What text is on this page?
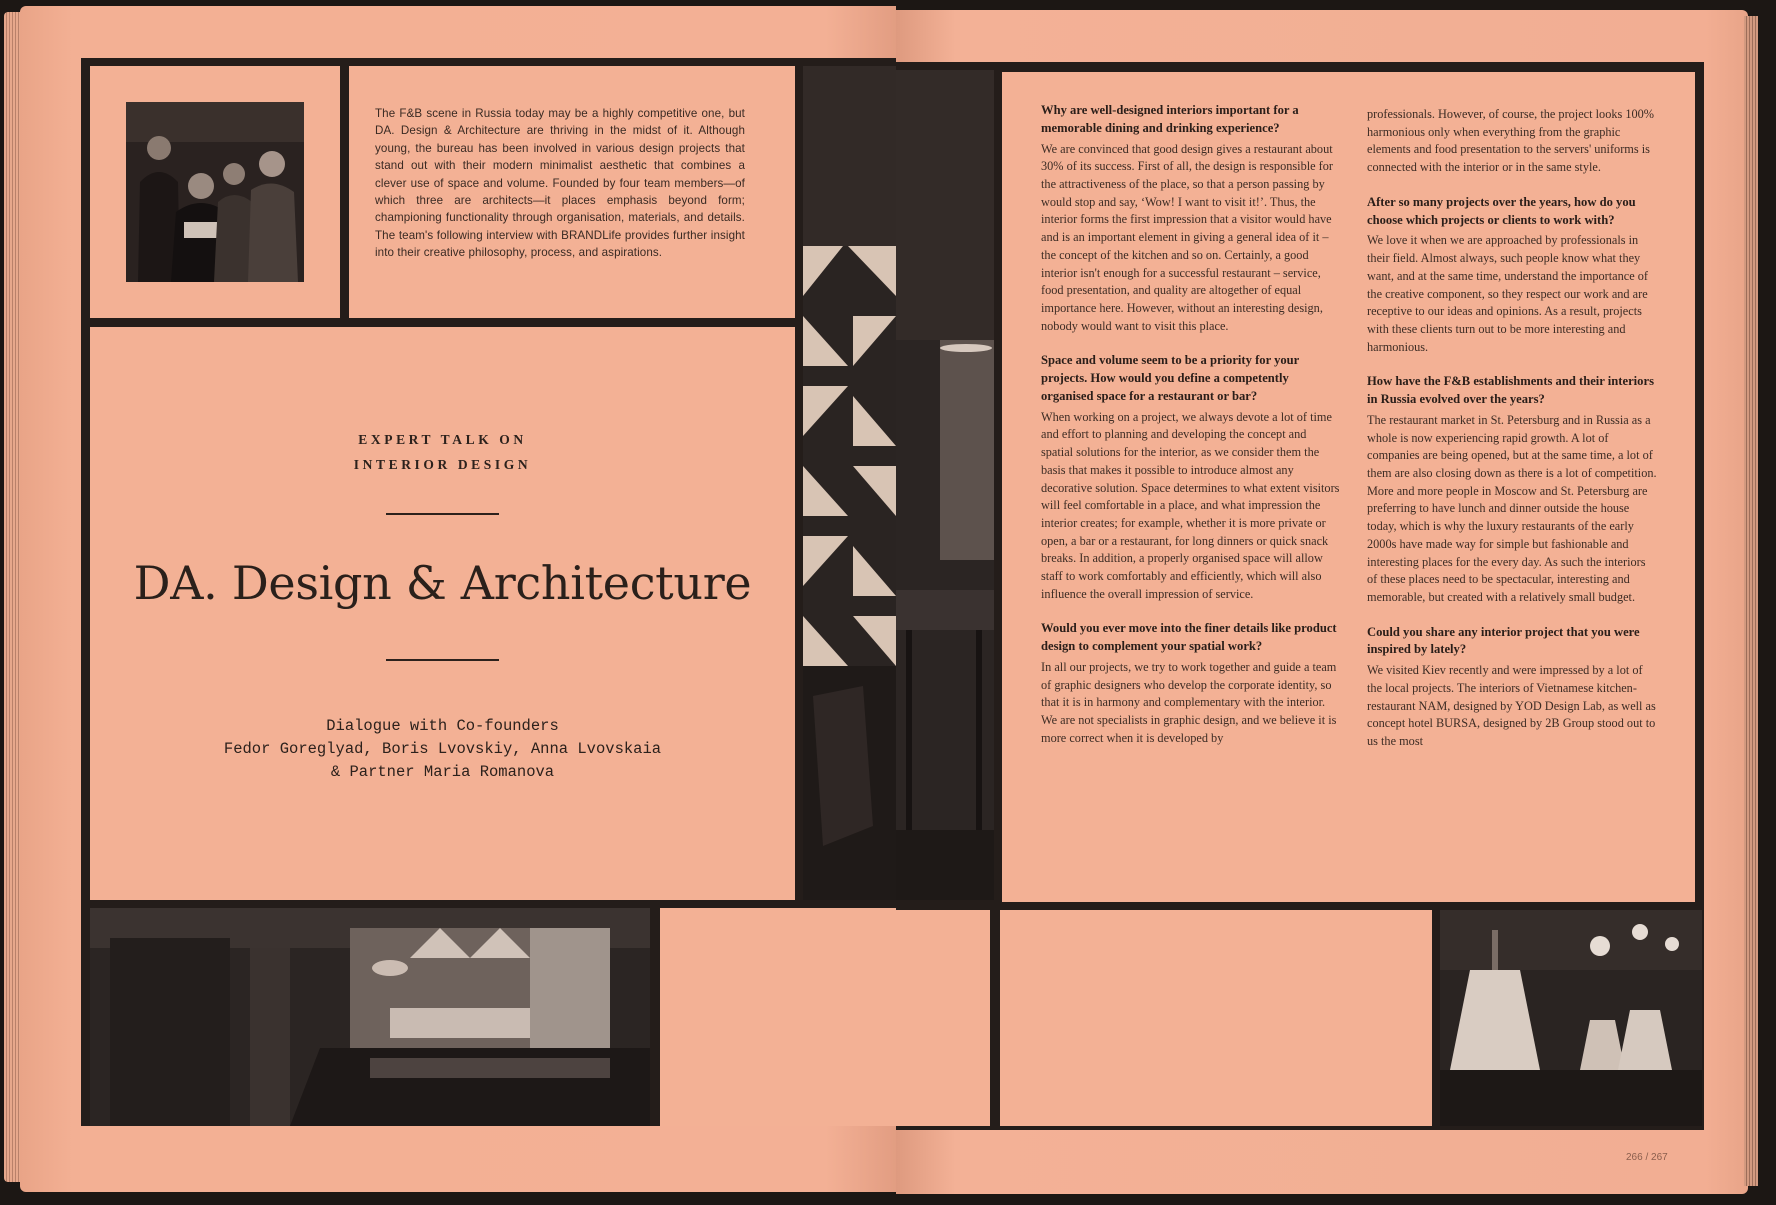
The F&B scene in Russia today may be a highly competitive one, but DA. Design & Architecture are thriving in the midst of it. Although young, the bureau has been involved in various design projects that stand out with their modern minimalist aesthetic that combines a clever use of space and volume. Founded by four team members—of which three are architects—it places emphasis beyond form; championing functionality through organisation, materials, and details. The team's following interview with BRANDLife provides further insight into their creative philosophy, process, and aspirations.
EXPERT TALK ON
INTERIOR DESIGN
DA. Design & Architecture
Dialogue with Co-founders
Fedor Goreglyad, Boris Lvovskiy, Anna Lvovskaia
& Partner Maria Romanova
Why are well-designed interiors important for a memorable dining and drinking experience?

We are convinced that good design gives a restaurant about 30% of its success. First of all, the design is responsible for the attractiveness of the place, so that a person passing by would stop and say, ‘Wow! I want to visit it!’. Thus, the interior forms the first impression that a visitor would have and is an important element in giving a general idea of it – the concept of the kitchen and so on. Certainly, a good interior isn't enough for a successful restaurant – service, food presentation, and quality are altogether of equal importance here. However, without an interesting design, nobody would want to visit this place.

Space and volume seem to be a priority for your projects. How would you define a competently organised space for a restaurant or bar?

When working on a project, we always devote a lot of time and effort to planning and developing the concept and spatial solutions for the interior, as we consider them the basis that makes it possible to introduce almost any decorative solution. Space determines to what extent visitors will feel comfortable in a place, and what impression the interior creates; for example, whether it is more private or open, a bar or a restaurant, for long dinners or quick snack breaks. In addition, a properly organised space will allow staff to work comfortably and efficiently, which will also influence the overall impression of service.

Would you ever move into the finer details like product design to complement your spatial work?

In all our projects, we try to work together and guide a team of graphic designers who develop the corporate identity, so that it is in harmony and complementary with the interior. We are not specialists in graphic design, and we believe it is more correct when it is developed by

professionals. However, of course, the project looks 100% harmonious only when everything from the graphic elements and food presentation to the servers' uniforms is connected with the interior or in the same style.

After so many projects over the years, how do you choose which projects or clients to work with?

We love it when we are approached by professionals in their field. Almost always, such people know what they want, and at the same time, understand the importance of the creative component, so they respect our work and are receptive to our ideas and opinions. As a result, projects with these clients turn out to be more interesting and harmonious.

How have the F&B establishments and their interiors in Russia evolved over the years?

The restaurant market in St. Petersburg and in Russia as a whole is now experiencing rapid growth. A lot of companies are being opened, but at the same time, a lot of them are also closing down as there is a lot of competition. More and more people in Moscow and St. Petersburg are preferring to have lunch and dinner outside the house today, which is why the luxury restaurants of the early 2000s have made way for simple but fashionable and interesting places for the every day. As such the interiors of these places need to be spectacular, interesting and memorable, but created with a relatively small budget.

Could you share any interior project that you were inspired by lately?

We visited Kiev recently and were impressed by a lot of the local projects. The interiors of Vietnamese kitchen-restaurant NAM, designed by YOD Design Lab, as well as concept hotel BURSA, designed by 2B Group stood out to us the most

266 / 267
